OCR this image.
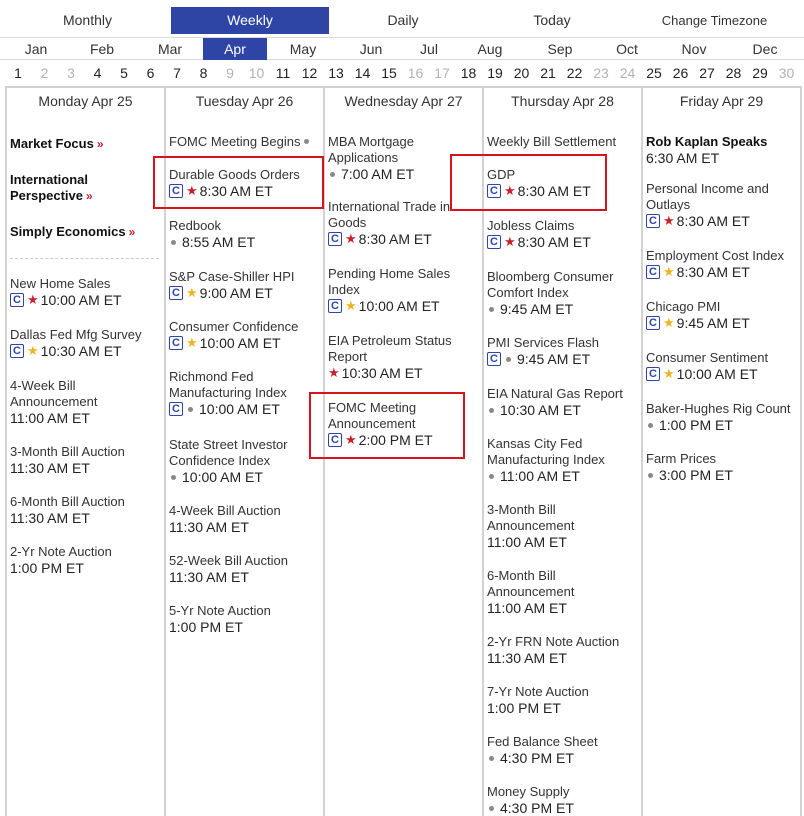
Monthly	Weekly	Daily	Today	Change Timezone
Jan	Feb	Mar	Apr	May	Jun	Jul	Aug	Sep	Oct	Nov	Dec
1	2	3	4	5	6	7	8	9	10 11 12 13 14 15 16 17 18 19 20 21 22 23 24 25 26 27 28 29 30
Monday Apr 25
Market Focus »
International
Perspective »
Simply Economics »
New Home Sales
C ★ 10:00 AM ET
Dallas Fed Mfg Survey
C ★ 10:30 AM ET
4-Week Bill
Announcement
11:00 AM ET
3-Month Bill Auction
11:30 AM ET
6-Month Bill Auction
11:30 AM ET
2-Yr Note Auction
1:00 PM ET
Tuesday Apr 26
FOMC Meeting Begins
Durable Goods Orders
C ★ 8:30 AM ET
Redbook
8:55 AM ET
S&P Case-Shiller HPI
C ★ 9:00 AM ET
Consumer Confidence
C ★ 10:00 AM ET
Richmond Fed
Manufacturing Index
C 10:00 AM ET
State Street Investor
Confidence Index
10:00 AM ET
4-Week Bill Auction
11:30 AM ET
52-Week Bill Auction
11:30 AM ET
5-Yr Note Auction
1:00 PM ET
Wednesday Apr 27
MBA Mortgage
Applications
7:00 AM ET
International Trade in
Goods
C ★ 8:30 AM ET
Pending Home Sales
Index
C ★ 10:00 AM ET
EIA Petroleum Status
Report
★ 10:30 AM ET
FOMC Meeting
Announcement
C ★ 2:00 PM ET
Thursday Apr 28
Weekly Bill Settlement
GDP
C ★ 8:30 AM ET
Jobless Claims
C ★ 8:30 AM ET
Bloomberg Consumer
Comfort Index
9:45 AM ET
PMI Services Flash
C 9:45 AM ET
EIA Natural Gas Report
10:30 AM ET
Kansas City Fed
Manufacturing Index
11:00 AM ET
3-Month Bill
Announcement
11:00 AM ET
6-Month Bill
Announcement
11:00 AM ET
2-Yr FRN Note Auction
11:30 AM ET
7-Yr Note Auction
1:00 PM ET
Fed Balance Sheet
4:30 PM ET
Money Supply
4:30 PM ET
Friday Apr 29
Rob Kaplan Speaks
6:30 AM ET
Personal Income and
Outlays
C ★ 8:30 AM ET
Employment Cost Index
C ★ 8:30 AM ET
Chicago PMI
C ★ 9:45 AM ET
Consumer Sentiment
C ★ 10:00 AM ET
Baker-Hughes Rig Count
1:00 PM ET
Farm Prices
3:00 PM ET
